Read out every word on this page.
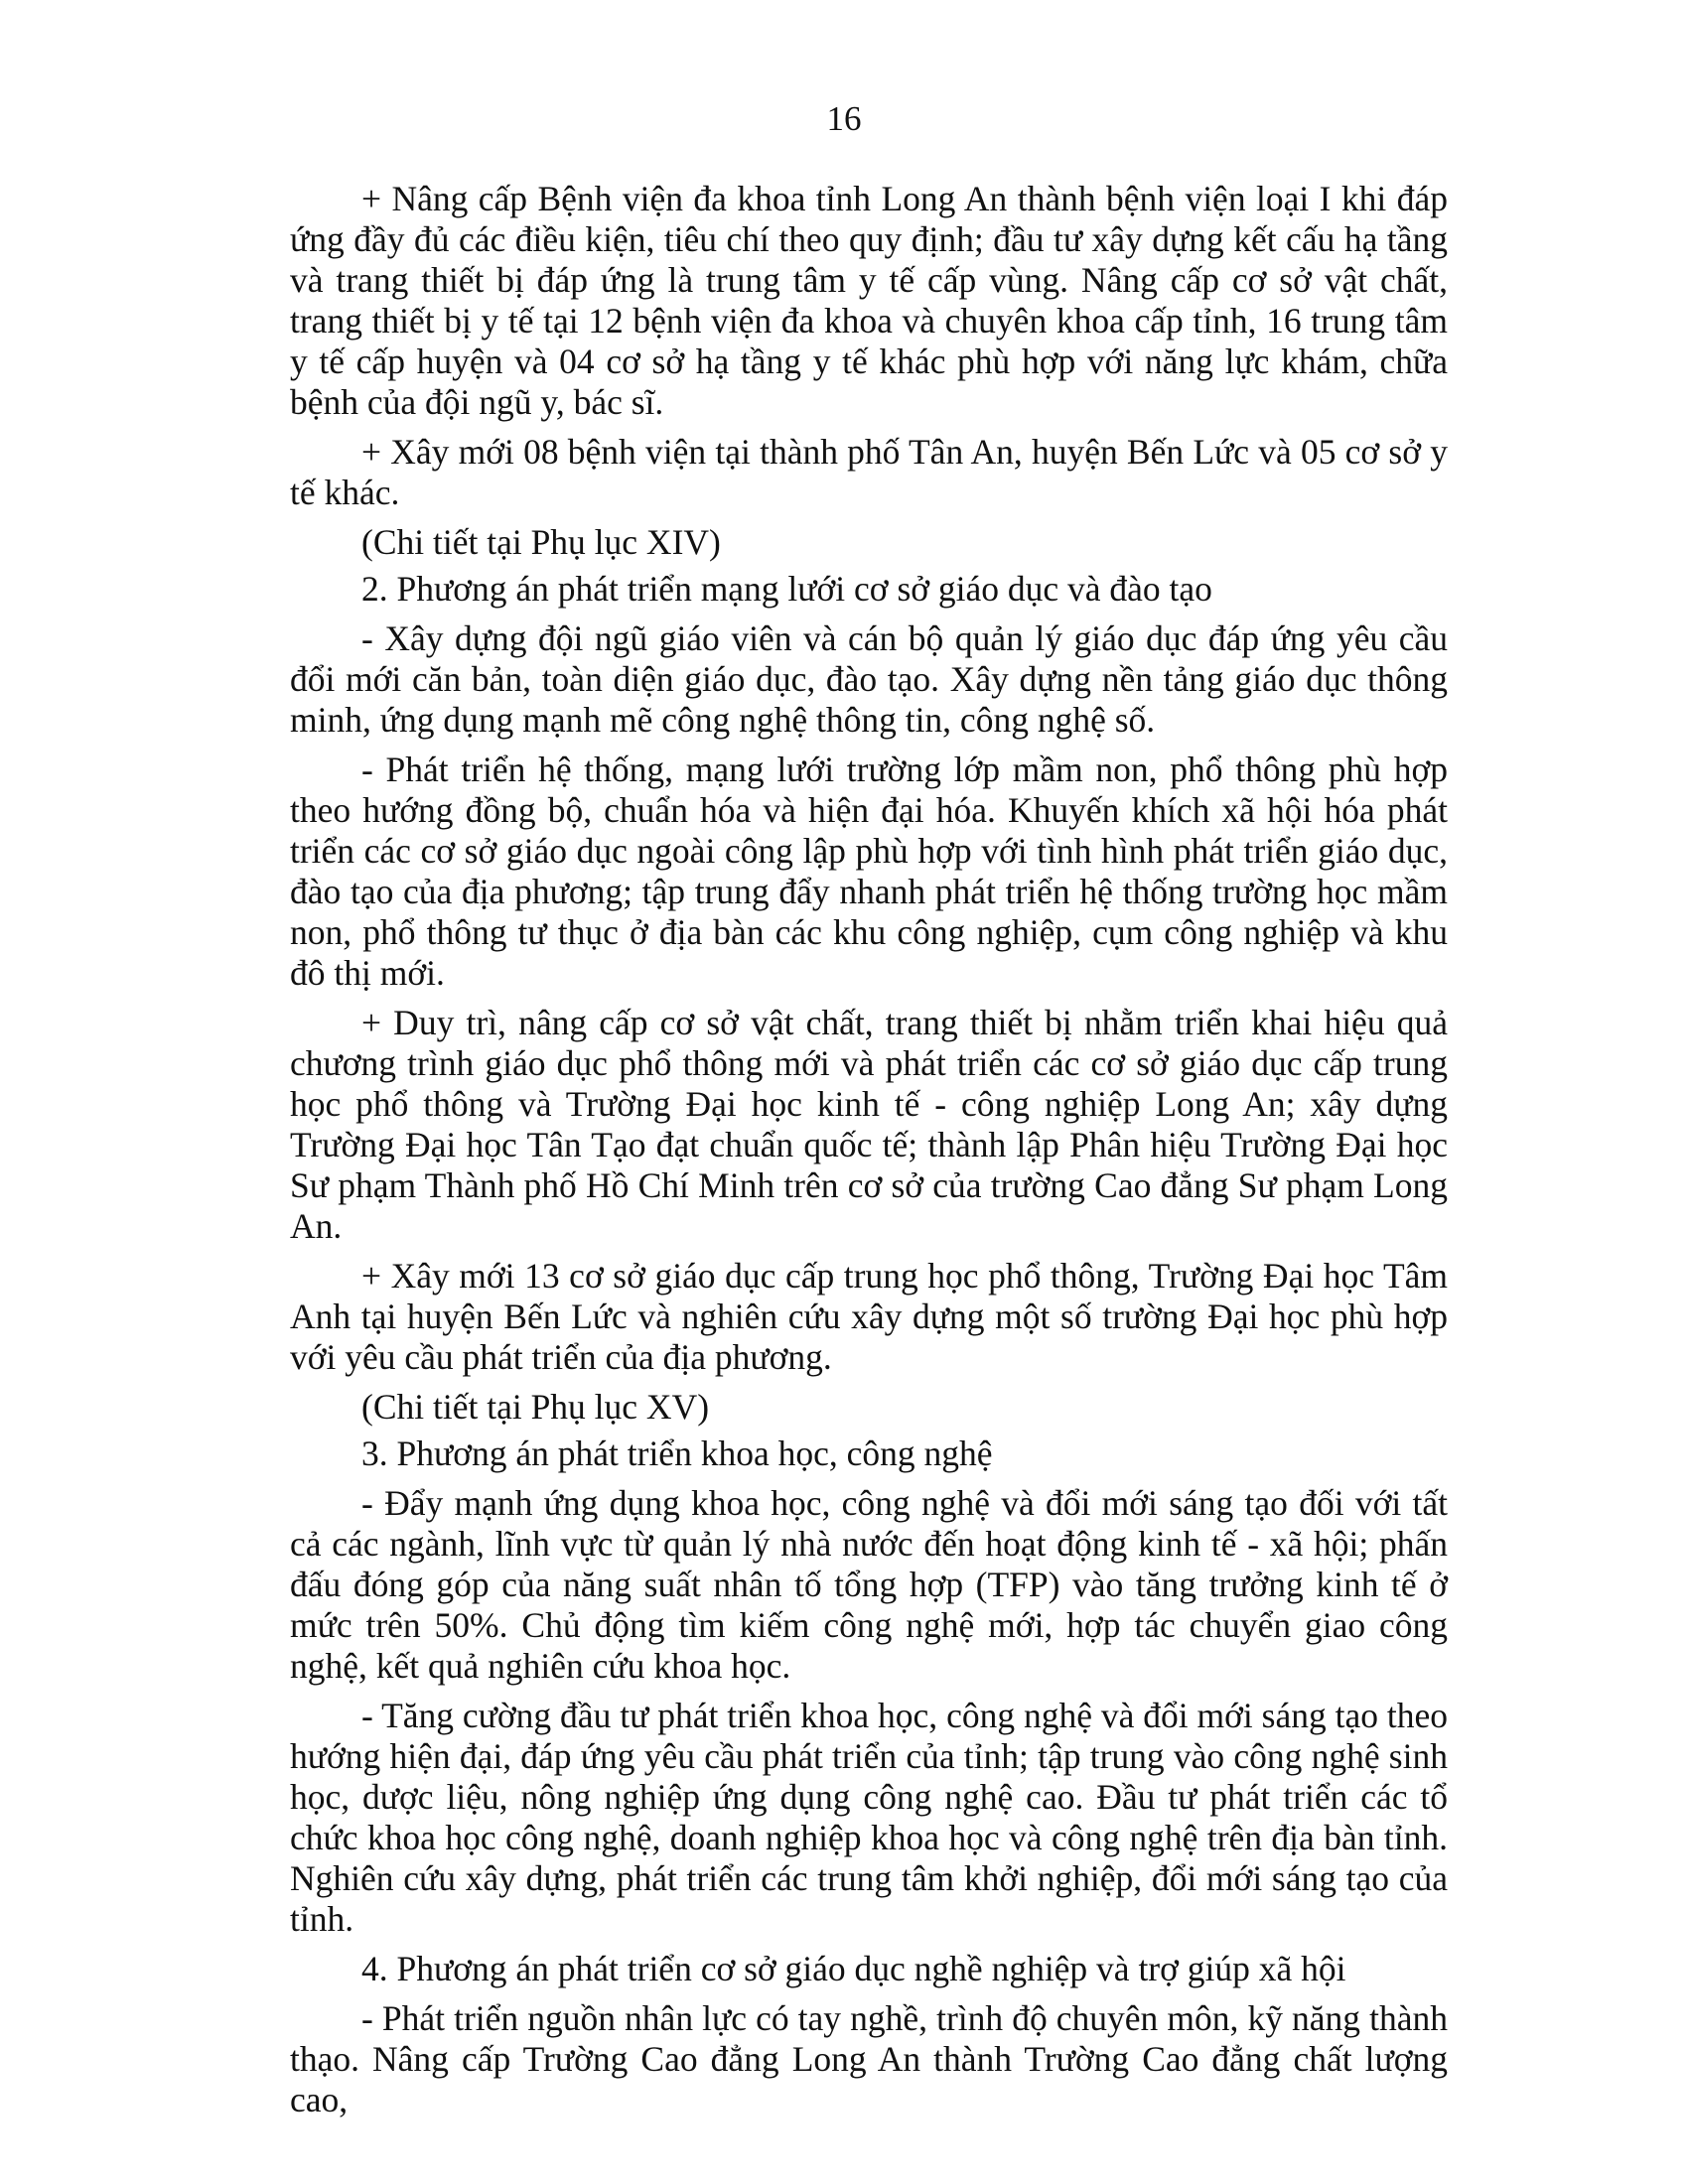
16

+ Nâng cấp Bệnh viện đa khoa tỉnh Long An thành bệnh viện loại I khi đáp ứng đầy đủ các điều kiện, tiêu chí theo quy định; đầu tư xây dựng kết cấu hạ tầng và trang thiết bị đáp ứng là trung tâm y tế cấp vùng. Nâng cấp cơ sở vật chất, trang thiết bị y tế tại 12 bệnh viện đa khoa và chuyên khoa cấp tỉnh, 16 trung tâm y tế cấp huyện và 04 cơ sở hạ tầng y tế khác phù hợp với năng lực khám, chữa bệnh của đội ngũ y, bác sĩ.

+ Xây mới 08 bệnh viện tại thành phố Tân An, huyện Bến Lức và 05 cơ sở y tế khác.

(Chi tiết tại Phụ lục XIV)

2. Phương án phát triển mạng lưới cơ sở giáo dục và đào tạo

- Xây dựng đội ngũ giáo viên và cán bộ quản lý giáo dục đáp ứng yêu cầu đổi mới căn bản, toàn diện giáo dục, đào tạo. Xây dựng nền tảng giáo dục thông minh, ứng dụng mạnh mẽ công nghệ thông tin, công nghệ số.

- Phát triển hệ thống, mạng lưới trường lớp mầm non, phổ thông phù hợp theo hướng đồng bộ, chuẩn hóa và hiện đại hóa. Khuyến khích xã hội hóa phát triển các cơ sở giáo dục ngoài công lập phù hợp với tình hình phát triển giáo dục, đào tạo của địa phương; tập trung đẩy nhanh phát triển hệ thống trường học mầm non, phổ thông tư thục ở địa bàn các khu công nghiệp, cụm công nghiệp và khu đô thị mới.

+ Duy trì, nâng cấp cơ sở vật chất, trang thiết bị nhằm triển khai hiệu quả chương trình giáo dục phổ thông mới và phát triển các cơ sở giáo dục cấp trung học phổ thông và Trường Đại học kinh tế - công nghiệp Long An; xây dựng Trường Đại học Tân Tạo đạt chuẩn quốc tế; thành lập Phân hiệu Trường Đại học Sư phạm Thành phố Hồ Chí Minh trên cơ sở của trường Cao đẳng Sư phạm Long An.

+ Xây mới 13 cơ sở giáo dục cấp trung học phổ thông, Trường Đại học Tâm Anh tại huyện Bến Lức và nghiên cứu xây dựng một số trường Đại học phù hợp với yêu cầu phát triển của địa phương.

(Chi tiết tại Phụ lục XV)

3. Phương án phát triển khoa học, công nghệ

- Đẩy mạnh ứng dụng khoa học, công nghệ và đổi mới sáng tạo đối với tất cả các ngành, lĩnh vực từ quản lý nhà nước đến hoạt động kinh tế - xã hội; phấn đấu đóng góp của năng suất nhân tố tổng hợp (TFP) vào tăng trưởng kinh tế ở mức trên 50%. Chủ động tìm kiếm công nghệ mới, hợp tác chuyển giao công nghệ, kết quả nghiên cứu khoa học.

- Tăng cường đầu tư phát triển khoa học, công nghệ và đổi mới sáng tạo theo hướng hiện đại, đáp ứng yêu cầu phát triển của tỉnh; tập trung vào công nghệ sinh học, dược liệu, nông nghiệp ứng dụng công nghệ cao. Đầu tư phát triển các tổ chức khoa học công nghệ, doanh nghiệp khoa học và công nghệ trên địa bàn tỉnh. Nghiên cứu xây dựng, phát triển các trung tâm khởi nghiệp, đổi mới sáng tạo của tỉnh.

4. Phương án phát triển cơ sở giáo dục nghề nghiệp và trợ giúp xã hội

- Phát triển nguồn nhân lực có tay nghề, trình độ chuyên môn, kỹ năng thành thạo. Nâng cấp Trường Cao đẳng Long An thành Trường Cao đẳng chất lượng cao,
